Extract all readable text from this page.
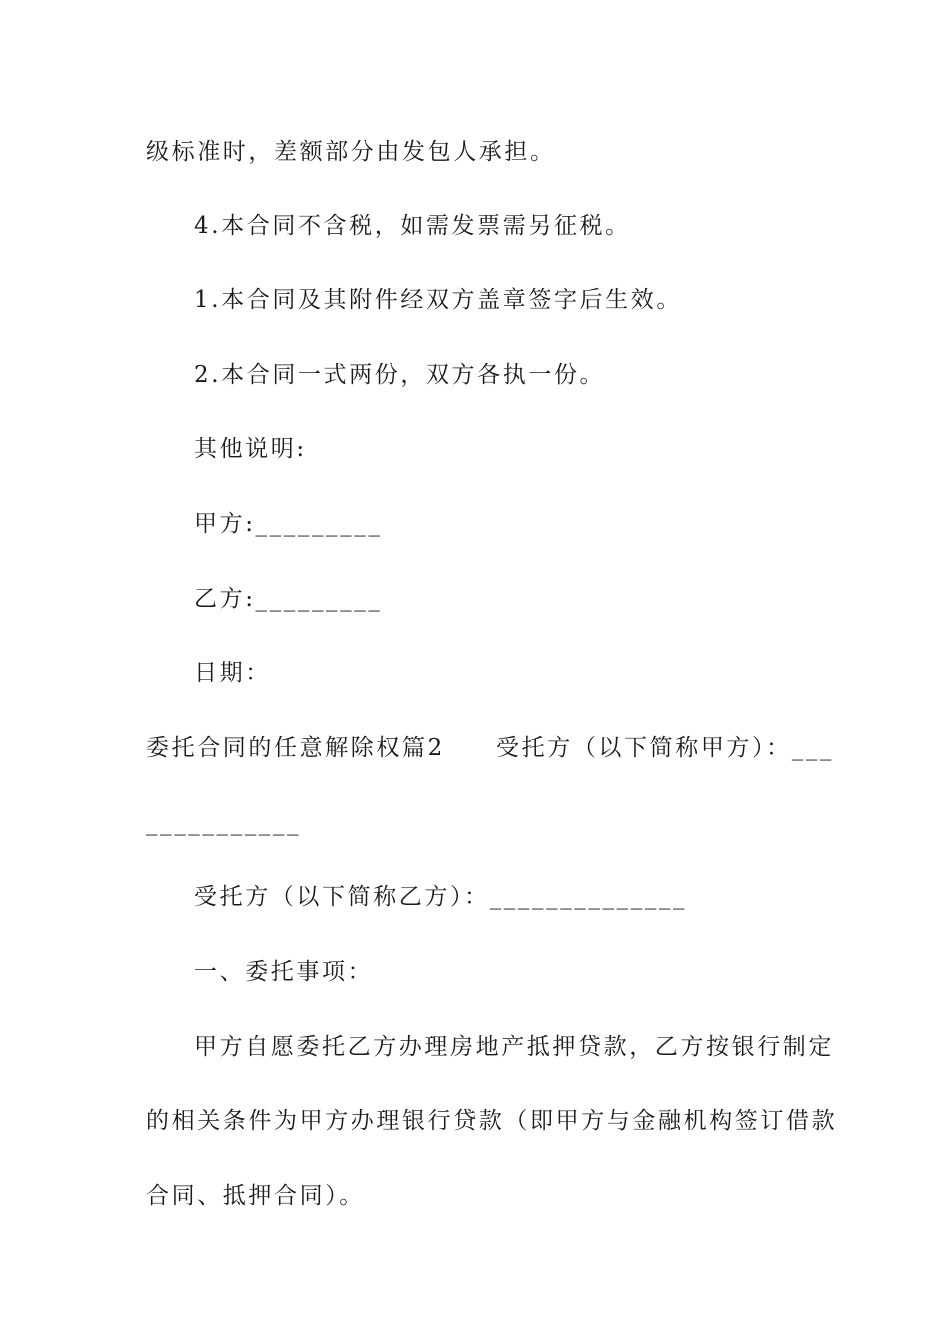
级标准时，差额部分由发包人承担。
4.本合同不含税，如需发票需另征税。
1.本合同及其附件经双方盖章签字后生效。
2.本合同一式两份，双方各执一份。
其他说明:
甲方:_________
乙方:_________
日期：
委托合同的任意解除权篇2　　受托方（以下简称甲方）：___
___________
受托方（以下简称乙方）：______________
一、委托事项：
甲方自愿委托乙方办理房地产抵押贷款，乙方按银行制定
的相关条件为甲方办理银行贷款（即甲方与金融机构签订借款
合同、抵押合同）。
